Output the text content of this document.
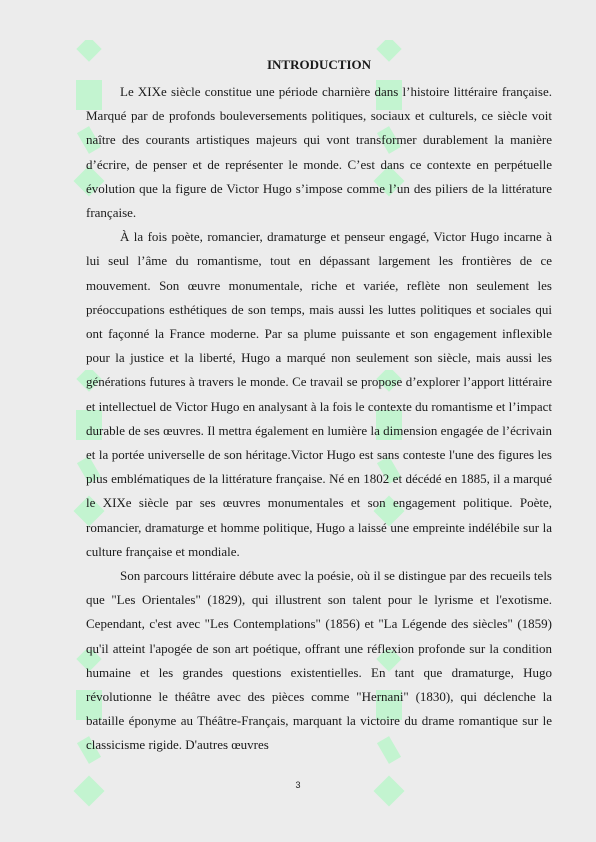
INTRODUCTION

Le XIXe siècle constitue une période charnière dans l’histoire littéraire française. Marqué par de profonds bouleversements politiques, sociaux et culturels, ce siècle voit naître des courants artistiques majeurs qui vont transformer durablement la manière d’écrire, de penser et de représenter le monde. C’est dans ce contexte en perpétuelle évolution que la figure de Victor Hugo s’impose comme l’un des piliers de la littérature française.

À la fois poète, romancier, dramaturge et penseur engagé, Victor Hugo incarne à lui seul l’âme du romantisme, tout en dépassant largement les frontières de ce mouvement. Son œuvre monumentale, riche et variée, reflète non seulement les préoccupations esthétiques de son temps, mais aussi les luttes politiques et sociales qui ont façonné la France moderne. Par sa plume puissante et son engagement inflexible pour la justice et la liberté, Hugo a marqué non seulement son siècle, mais aussi les générations futures à travers le monde. Ce travail se propose d’explorer l’apport littéraire et intellectuel de Victor Hugo en analysant à la fois le contexte du romantisme et l’impact durable de ses œuvres. Il mettra également en lumière la dimension engagée de l’écrivain et la portée universelle de son héritage.Victor Hugo est sans conteste l'une des figures les plus emblématiques de la littérature française. Né en 1802 et décédé en 1885, il a marqué le XIXe siècle par ses œuvres monumentales et son engagement politique. Poète, romancier, dramaturge et homme politique, Hugo a laissé une empreinte indélébile sur la culture française et mondiale.

Son parcours littéraire débute avec la poésie, où il se distingue par des recueils tels que "Les Orientales" (1829), qui illustrent son talent pour le lyrisme et l'exotisme. Cependant, c'est avec "Les Contemplations" (1856) et "La Légende des siècles" (1859) qu'il atteint l'apogée de son art poétique, offrant une réflexion profonde sur la condition humaine et les grandes questions existentielles. En tant que dramaturge, Hugo révolutionne le théâtre avec des pièces comme "Hernani" (1830), qui déclenche la bataille éponyme au Théâtre-Français, marquant la victoire du drame romantique sur le classicisme rigide. D'autres œuvres

3
